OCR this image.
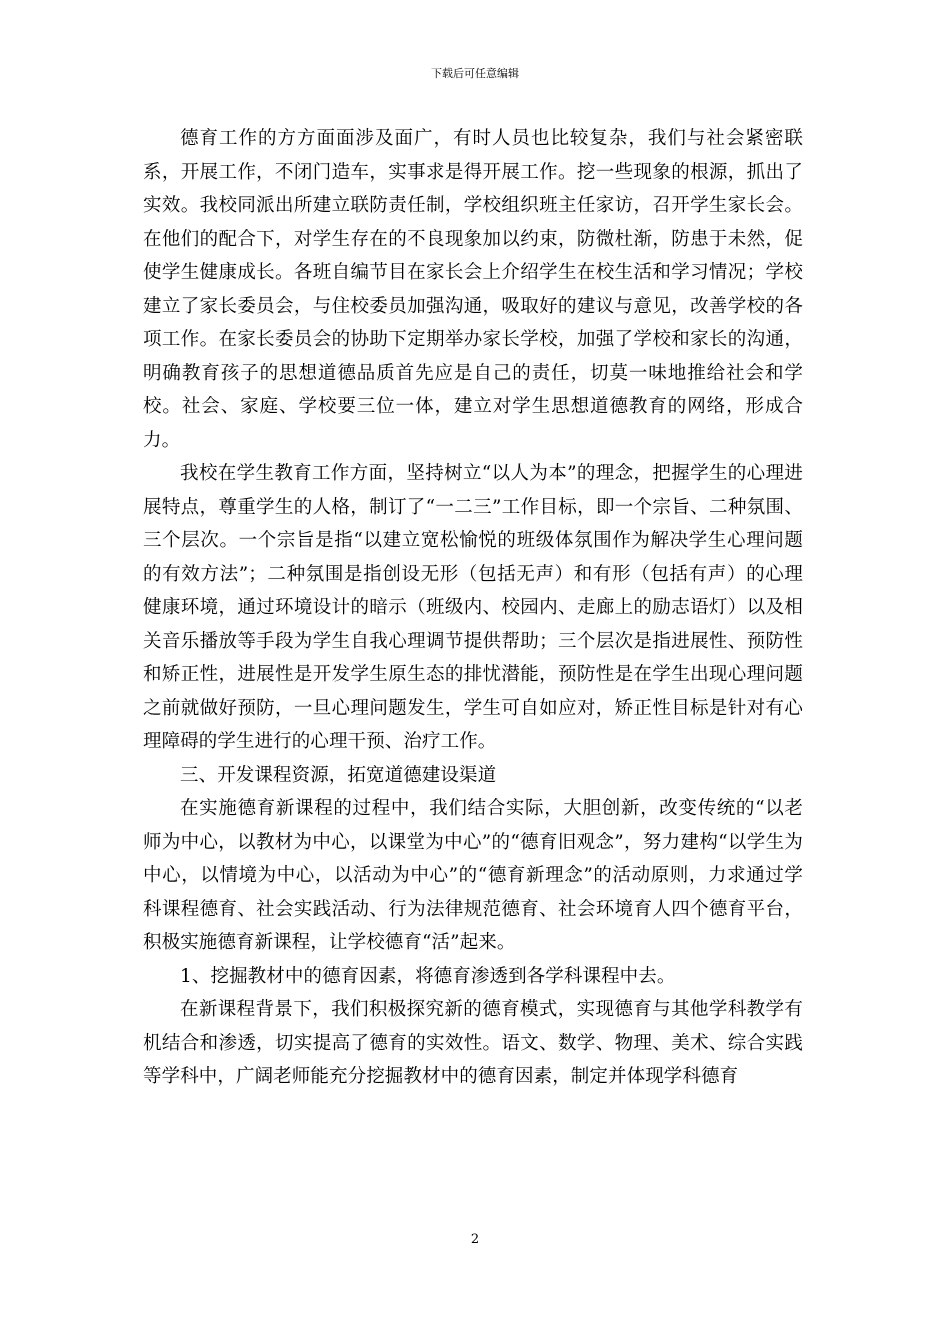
下载后可任意编辑

德育工作的方方面面涉及面广，有时人员也比较复杂，我们与社会紧密联系，开展工作，不闭门造车，实事求是得开展工作。挖一些现象的根源，抓出了实效。我校同派出所建立联防责任制，学校组织班主任家访，召开学生家长会。在他们的配合下，对学生存在的不良现象加以约束，防微杜渐，防患于未然，促使学生健康成长。各班自编节目在家长会上介绍学生在校生活和学习情况；学校建立了家长委员会，与住校委员加强沟通，吸取好的建议与意见，改善学校的各项工作。在家长委员会的协助下定期举办家长学校，加强了学校和家长的沟通，明确教育孩子的思想道德品质首先应是自己的责任，切莫一味地推给社会和学校。社会、家庭、学校要三位一体，建立对学生思想道德教育的网络，形成合力。

我校在学生教育工作方面，坚持树立“以人为本”的理念，把握学生的心理进展特点，尊重学生的人格，制订了“一二三”工作目标，即一个宗旨、二种氛围、三个层次。一个宗旨是指“以建立宽松愉悦的班级体氛围作为解决学生心理问题的有效方法”；二种氛围是指创设无形（包括无声）和有形（包括有声）的心理健康环境，通过环境设计的暗示（班级内、校园内、走廊上的励志语灯）以及相关音乐播放等手段为学生自我心理调节提供帮助；三个层次是指进展性、预防性和矫正性，进展性是开发学生原生态的排忧潜能，预防性是在学生出现心理问题之前就做好预防，一旦心理问题发生，学生可自如应对，矫正性目标是针对有心理障碍的学生进行的心理干预、治疗工作。

三、开发课程资源，拓宽道德建设渠道

在实施德育新课程的过程中，我们结合实际，大胆创新，改变传统的“以老师为中心，以教材为中心，以课堂为中心”的“德育旧观念”，努力建构“以学生为中心，以情境为中心，以活动为中心”的“德育新理念”的活动原则，力求通过学科课程德育、社会实践活动、行为法律规范德育、社会环境育人四个德育平台，积极实施德育新课程，让学校德育“活”起来。

1、挖掘教材中的德育因素，将德育渗透到各学科课程中去。

在新课程背景下，我们积极探究新的德育模式，实现德育与其他学科教学有机结合和渗透，切实提高了德育的实效性。语文、数学、物理、美术、综合实践等学科中，广阔老师能充分挖掘教材中的德育因素，制定并体现学科德育

2
